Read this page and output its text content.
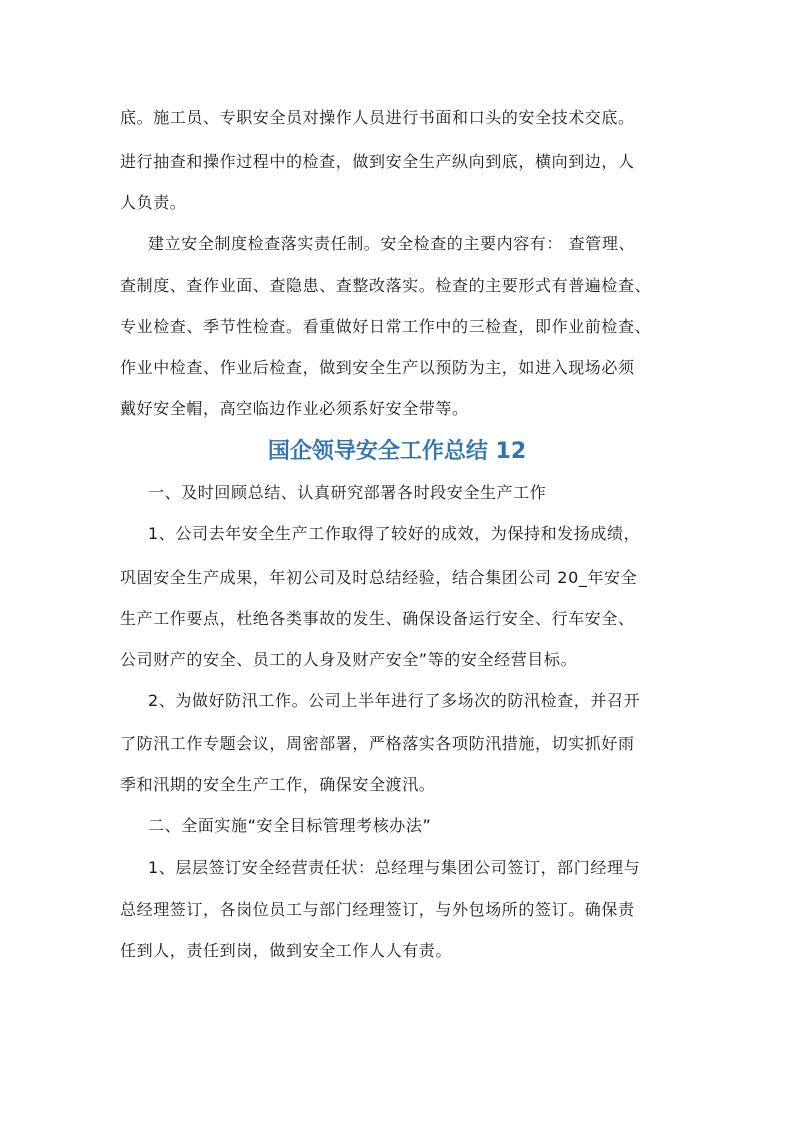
底。施工员、专职安全员对操作人员进行书面和口头的安全技术交底。

进行抽查和操作过程中的检查，做到安全生产纵向到底，横向到边，人

人负责。

建立安全制度检查落实责任制。安全检查的主要内容有： 查管理、

查制度、查作业面、查隐患、查整改落实。检查的主要形式有普遍检查、

专业检查、季节性检查。看重做好日常工作中的三检查，即作业前检查、

作业中检查、作业后检查，做到安全生产以预防为主，如进入现场必须

戴好安全帽，高空临边作业必须系好安全带等。

国企领导安全工作总结 12

一、及时回顾总结、认真研究部署各时段安全生产工作

1、公司去年安全生产工作取得了较好的成效，为保持和发扬成绩，

巩固安全生产成果，年初公司及时总结经验，结合集团公司 20_年安全

生产工作要点，杜绝各类事故的发生、确保设备运行安全、行车安全、

公司财产的安全、员工的人身及财产安全”等的安全经营目标。

2、为做好防汛工作。公司上半年进行了多场次的防汛检查，并召开

了防汛工作专题会议，周密部署，严格落实各项防汛措施，切实抓好雨

季和汛期的安全生产工作，确保安全渡汛。

二、全面实施“安全目标管理考核办法”

1、层层签订安全经营责任状：总经理与集团公司签订，部门经理与

总经理签订，各岗位员工与部门经理签订，与外包场所的签订。确保责

任到人，责任到岗，做到安全工作人人有责。
